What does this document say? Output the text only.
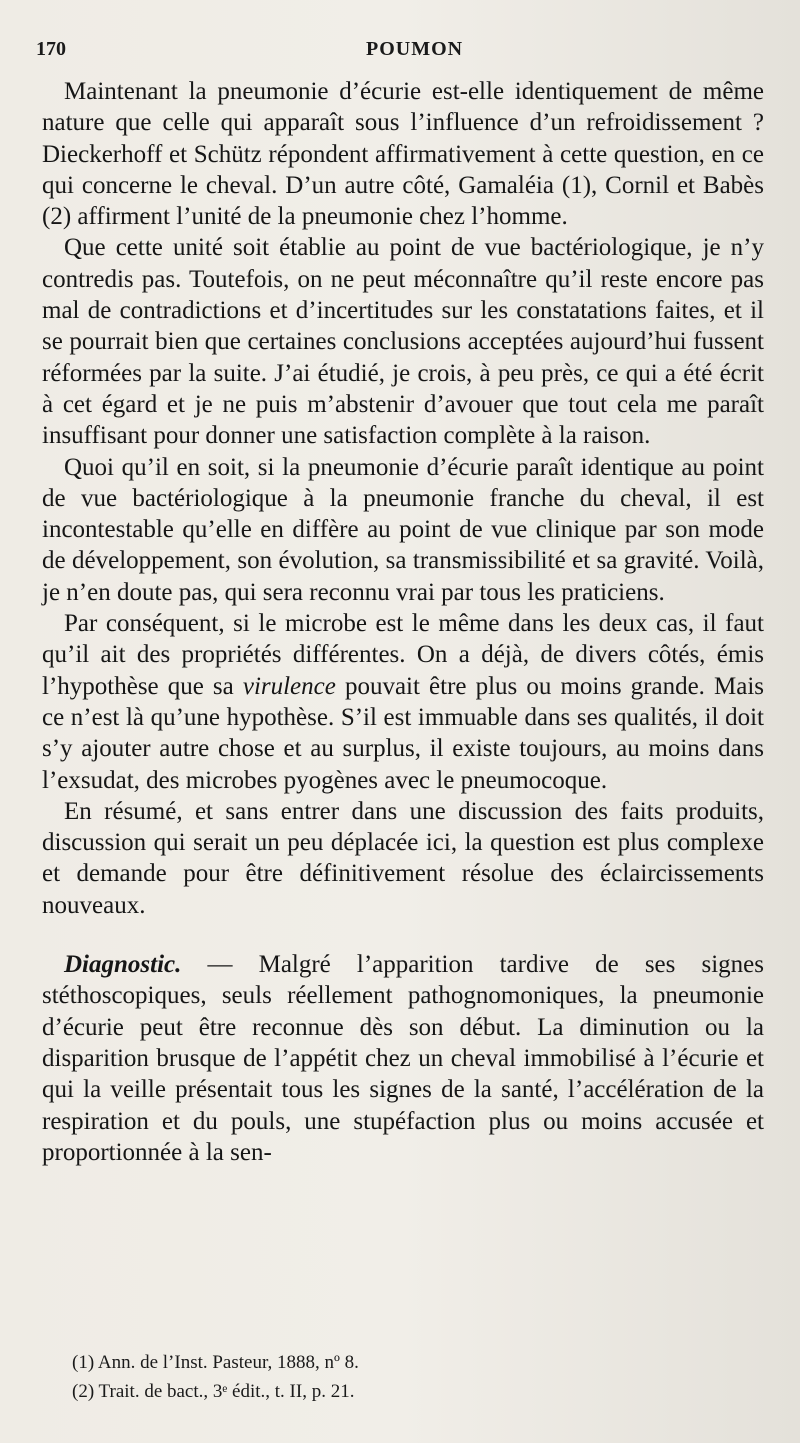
170	POUMON

Maintenant la pneumonie d’écurie est-elle identiquement de même nature que celle qui apparaît sous l’influence d’un refroidissement ? Dieckerhoff et Schütz répondent affirmativement à cette question, en ce qui concerne le cheval. D’un autre côté, Gamaléia (1), Cornil et Babès (2) affirment l’unité de la pneumonie chez l’homme.

Que cette unité soit établie au point de vue bactériologique, je n’y contredis pas. Toutefois, on ne peut méconnaître qu’il reste encore pas mal de contradictions et d’incertitudes sur les constatations faites, et il se pourrait bien que certaines conclusions acceptées aujourd’hui fussent réformées par la suite. J’ai étudié, je crois, à peu près, ce qui a été écrit à cet égard et je ne puis m’abstenir d’avouer que tout cela me paraît insuffisant pour donner une satisfaction complète à la raison.

Quoi qu’il en soit, si la pneumonie d’écurie paraît identique au point de vue bactériologique à la pneumonie franche du cheval, il est incontestable qu’elle en diffère au point de vue clinique par son mode de développement, son évolution, sa transmissibilité et sa gravité. Voilà, je n’en doute pas, qui sera reconnu vrai par tous les praticiens.

Par conséquent, si le microbe est le même dans les deux cas, il faut qu’il ait des propriétés différentes. On a déjà, de divers côtés, émis l’hypothèse que sa virulence pouvait être plus ou moins grande. Mais ce n’est là qu’une hypothèse. S’il est immuable dans ses qualités, il doit s’y ajouter autre chose et au surplus, il existe toujours, au moins dans l’exsudat, des microbes pyogènes avec le pneumocoque.

En résumé, et sans entrer dans une discussion des faits produits, discussion qui serait un peu déplacée ici, la question est plus complexe et demande pour être définitivement résolue des éclaircissements nouveaux.

Diagnostic. — Malgré l’apparition tardive de ses signes stéthoscopiques, seuls réellement pathognomoniques, la pneumonie d’écurie peut être reconnue dès son début. La diminution ou la disparition brusque de l’appétit chez un cheval immobilisé à l’écurie et qui la veille présentait tous les signes de la santé, l’accélération de la respiration et du pouls, une stupéfaction plus ou moins accusée et proportionnée à la sen-

(1) Ann. de l’Inst. Pasteur, 1888, nº 8.

(2) Trait. de bact., 3ᵉ édit., t. II, p. 21.
